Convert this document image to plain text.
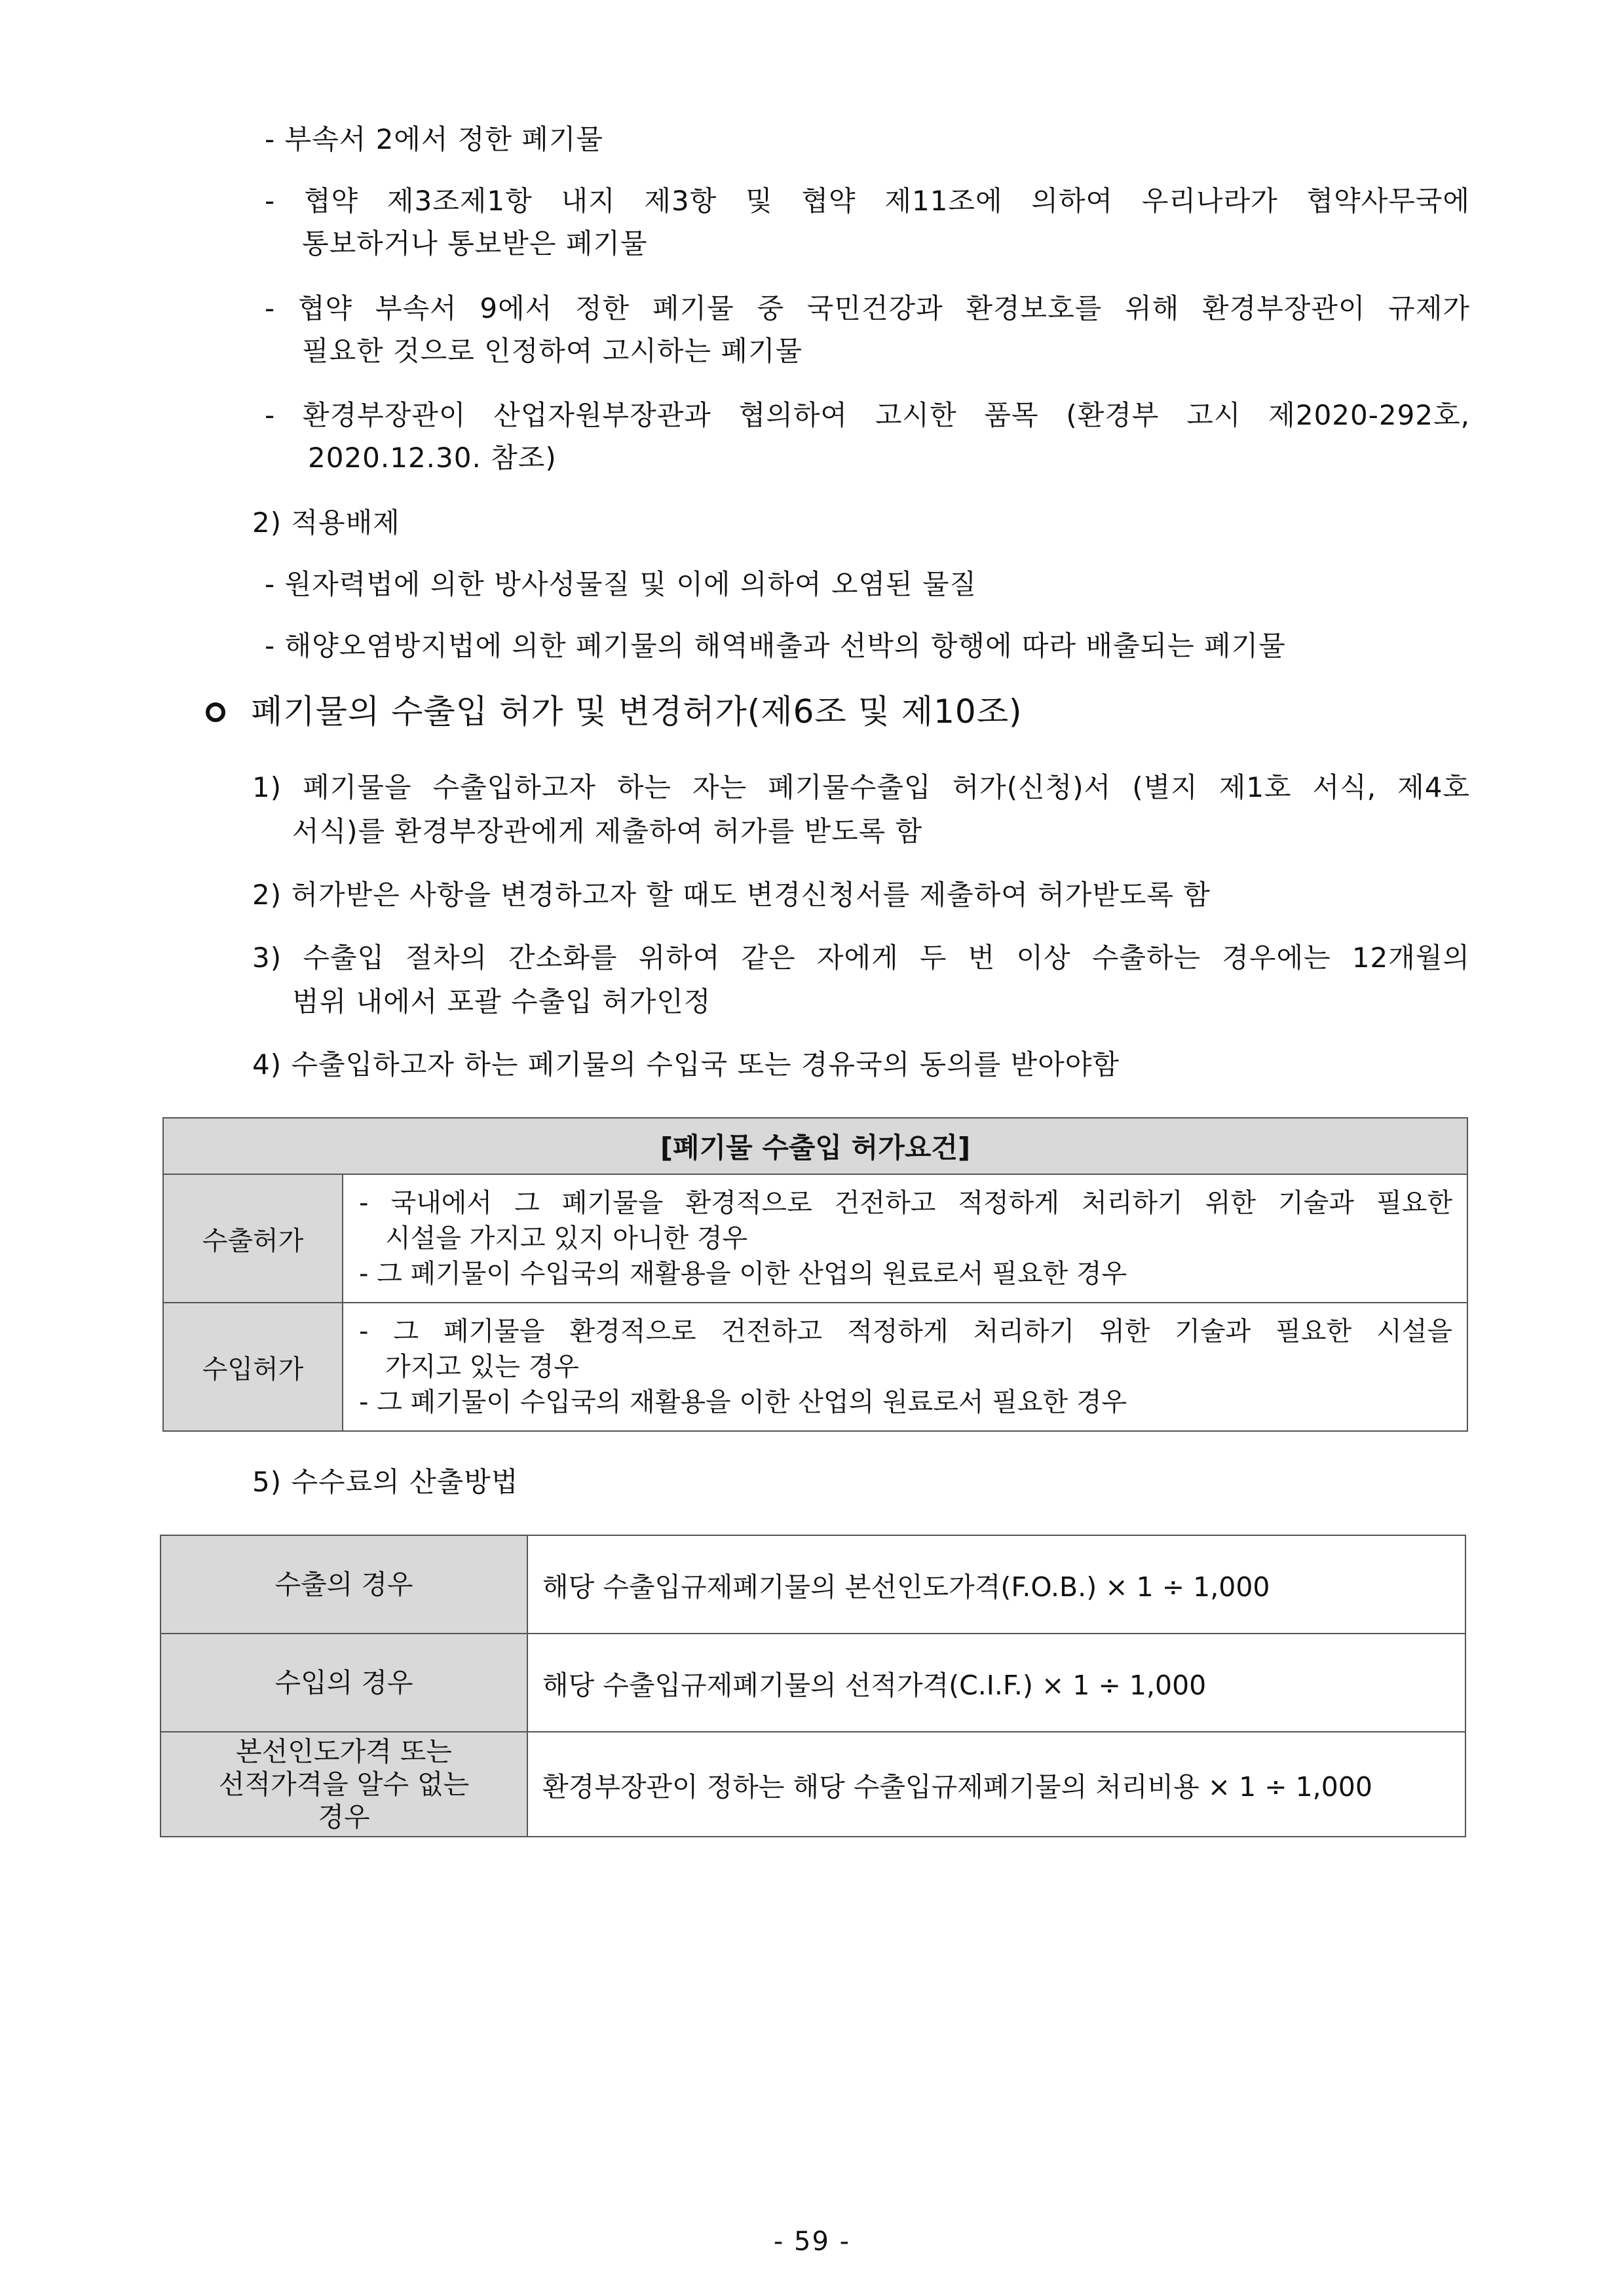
- 부속서 2에서 정한 폐기물
- 협약 제3조제1항 내지 제3항 및 협약 제11조에 의하여 우리나라가 협약사무국에
통보하거나 통보받은 폐기물
- 협약 부속서 9에서 정한 폐기물 중 국민건강과 환경보호를 위해 환경부장관이 규제가
필요한 것으로 인정하여 고시하는 폐기물
- 환경부장관이 산업자원부장관과 협의하여 고시한 품목 (환경부 고시 제2020-292호,
2020.12.30. 참조)
2) 적용배제
- 원자력법에 의한 방사성물질 및 이에 의하여 오염된 물질
- 해양오염방지법에 의한 폐기물의 해역배출과 선박의 항행에 따라 배출되는 폐기물
폐기물의 수출입 허가 및 변경허가(제6조 및 제10조)
1) 폐기물을 수출입하고자 하는 자는 폐기물수출입 허가(신청)서 (별지 제1호 서식, 제4호
서식)를 환경부장관에게 제출하여 허가를 받도록 함
2) 허가받은 사항을 변경하고자 할 때도 변경신청서를 제출하여 허가받도록 함
3) 수출입 절차의 간소화를 위하여 같은 자에게 두 번 이상 수출하는 경우에는 12개월의
범위 내에서 포괄 수출입 허가인정
4) 수출입하고자 하는 폐기물의 수입국 또는 경유국의 동의를 받아야함
[폐기물 수출입 허가요건]	
수출허가	- 국내에서 그 폐기물을 환경적으로 건전하고 적정하게 처리하기 위한 기술과 필요한
시설을 가지고 있지 아니한 경우
- 그 폐기물이 수입국의 재활용을 이한 산업의 원료로서 필요한 경우

수입허가	- 그 폐기물을 환경적으로 건전하고 적정하게 처리하기 위한 기술과 필요한 시설을
가지고 있는 경우
- 그 폐기물이 수입국의 재활용을 이한 산업의 원료로서 필요한 경우
5) 수수료의 산출방법
수출의 경우	해당 수출입규제폐기물의 본선인도가격(F.O.B.) × 1 ÷ 1,000
수입의 경우	해당 수출입규제폐기물의 선적가격(C.I.F.) × 1 ÷ 1,000

본선인도가격 또는
선적가격을 알수 없는
경우	환경부장관이 정하는 해당 수출입규제폐기물의 처리비용 × 1 ÷ 1,000
- 59 -
